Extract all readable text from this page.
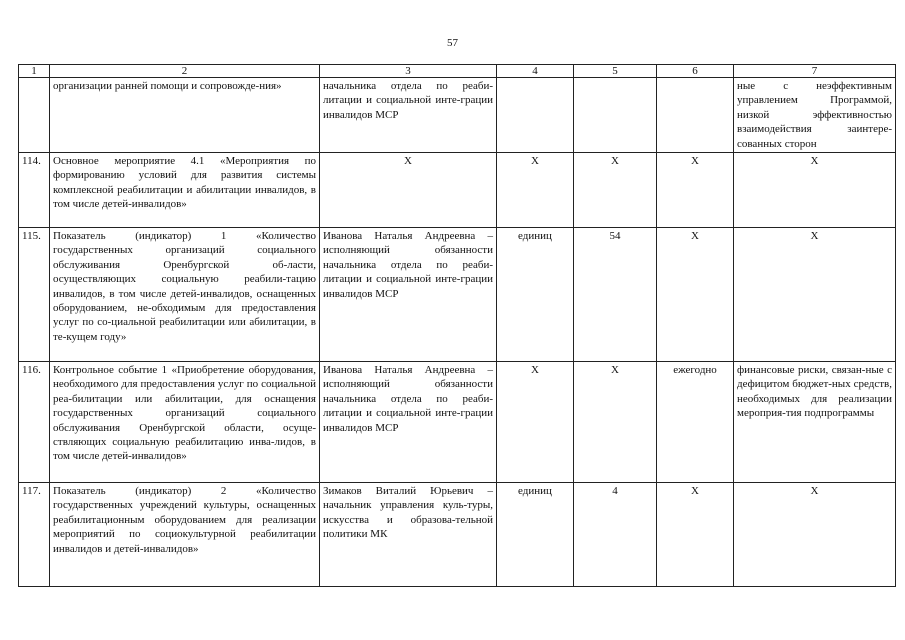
57
1	2	3	4	5	6	7
	организации ранней помощи и сопровожде-ния»	начальника отдела по реаби-литации и социальной инте-грации инвалидов МСР				ные с неэффективным управлением Программой, низкой эффективностью взаимодействия заинтере-сованных сторон
114.	Основное мероприятие 4.1 «Мероприятия по формированию условий для развития системы комплексной реабилитации и абилитации инвалидов, в том числе детей-инвалидов»	Х	Х	Х	Х	Х
115.	Показатель (индикатор) 1 «Количество государственных организаций социального обслуживания Оренбургской об-ласти, осуществляющих социальную реабили-тацию инвалидов, в том числе детей-инвалидов, оснащенных оборудованием, не-обходимым для предоставления услуг по со-циальной реабилитации или абилитации, в те-кущем году»	Иванова Наталья Андреевна – исполняющий обязанности начальника отдела по реаби-литации и социальной инте-грации инвалидов МСР	единиц	54	Х	Х
116.	Контрольное событие 1 «Приобретение оборудования, необходимого для предоставления услуг по социальной реа-билитации или абилитации, для оснащения государственных организаций социального обслуживания Оренбургской области, осуще-ствляющих социальную реабилитацию инва-лидов, в том числе детей-инвалидов»	Иванова Наталья Андреевна – исполняющий обязанности начальника отдела по реаби-литации и социальной инте-грации инвалидов МСР	Х	Х	ежегодно	финансовые риски, связан-ные с дефицитом бюджет-ных средств, необходимых для реализации мероприя-тия подпрограммы
117.	Показатель (индикатор) 2 «Количество государственных учреждений культуры, оснащенных реабилитационным оборудованием для реализации мероприятий по социокультурной реабилитации инвалидов и детей-инвалидов»	Зимаков Виталий Юрьевич – начальник управления куль-туры, искусства и образова-тельной политики МК	единиц	4	Х	Х
